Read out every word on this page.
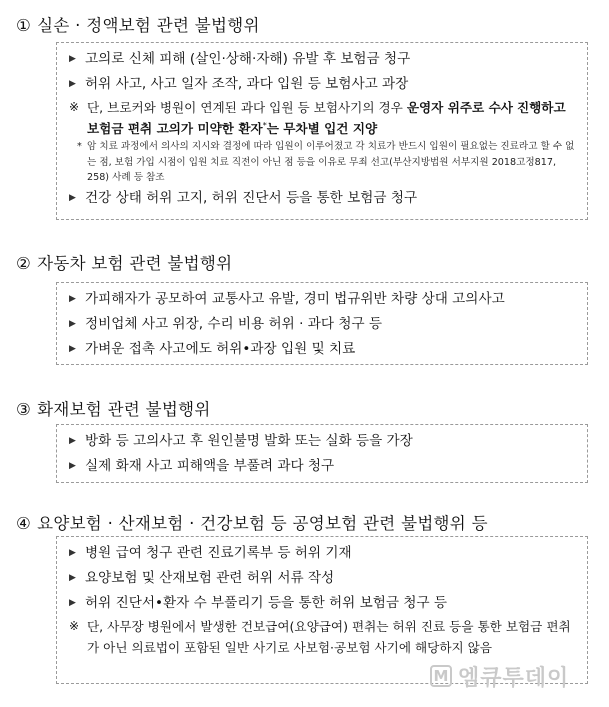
① 실손 · 정액보험 관련 불법행위
▶ 고의로 신체 피해 (살인·상해·자해) 유발 후 보험금 청구
▶ 허위 사고, 사고 일자 조작, 과다 입원 등 보험사고 과장
※ 단, 브로커와 병원이 연계된 과다 입원 등 보험사기의 경우 운영자 위주로 수사 진행하고 보험금 편취 고의가 미약한 환자*는 무차별 입건 지양
* 암 치료 과정에서 의사의 지시와 결정에 따라 입원이 이루어졌고 각 치료가 반드시 입원이 필요없는 진료라고 할 수 없는 점, 보험 가입 시점이 입원 치료 직전이 아닌 점 등을 이유로 무죄 선고(부산지방법원 서부지원 2018고정817, 258) 사례 등 참조
▶ 건강 상태 허위 고지, 허위 진단서 등을 통한 보험금 청구
② 자동차 보험 관련 불법행위
▶ 가피해자가 공모하여 교통사고 유발, 경미 법규위반 차량 상대 고의사고
▶ 정비업체 사고 위장, 수리 비용 허위 · 과다 청구 등
▶ 가벼운 접촉 사고에도 허위•과장 입원 및 치료
③ 화재보험 관련 불법행위
▶ 방화 등 고의사고 후 원인불명 발화 또는 실화 등을 가장
▶ 실제 화재 사고 피해액을 부풀려 과다 청구
④ 요양보험 · 산재보험 · 건강보험 등 공영보험 관련 불법행위 등
▶ 병원 급여 청구 관련 진료기록부 등 허위 기재
▶ 요양보험 및 산재보험 관련 허위 서류 작성
▶ 허위 진단서•환자 수 부풀리기 등을 통한 허위 보험금 청구 등
※ 단, 사무장 병원에서 발생한 건보급여(요양급여) 편취는 허위 진료 등을 통한 보험금 편취가 아닌 의료법이 포함된 일반 사기로 사보험·공보험 사기에 해당하지 않음
M 엠큐투데이
